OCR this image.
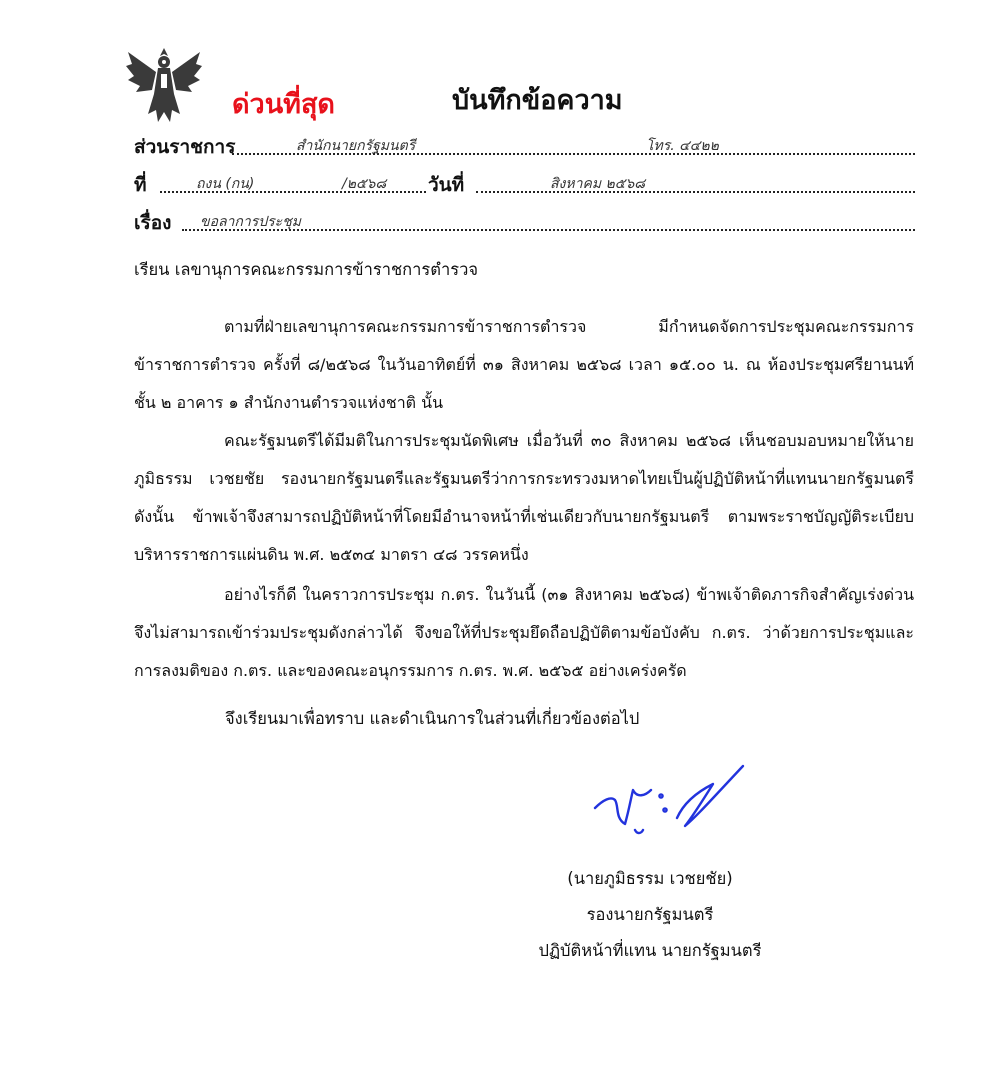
ด่วนที่สุด	บันทึกข้อความ
ส่วนราชการ	สำนักนายกรัฐมนตรี	โทร. ๔๔๒๒
ที่	ถงน (กน)	/๒๕๖๘ วันที่	สิงหาคม ๒๕๖๘
เรื่อง ขอลาการประชุม
เรียน เลขานุการคณะกรรมการข้าราชการตำรวจ
ตามที่ฝ่ายเลขานุการคณะกรรมการข้าราชการตำรวจ มีกำหนดจัดการประชุมคณะกรรมการข้าราชการตำรวจ ครั้งที่ ๘/๒๕๖๘ ในวันอาทิตย์ที่ ๓๑ สิงหาคม ๒๕๖๘ เวลา ๑๕.๐๐ น. ณ ห้องประชุมศรียานนท์ ชั้น ๒ อาคาร ๑ สำนักงานตำรวจแห่งชาติ นั้น
คณะรัฐมนตรีได้มีมติในการประชุมนัดพิเศษ เมื่อวันที่ ๓๐ สิงหาคม ๒๕๖๘ เห็นชอบมอบหมายให้นายภูมิธรรม เวชยชัย รองนายกรัฐมนตรีและรัฐมนตรีว่าการกระทรวงมหาดไทยเป็นผู้ปฏิบัติหน้าที่แทนนายกรัฐมนตรี ดังนั้น ข้าพเจ้าจึงสามารถปฏิบัติหน้าที่โดยมีอำนาจหน้าที่เช่นเดียวกับนายกรัฐมนตรี ตามพระราชบัญญัติระเบียบบริหารราชการแผ่นดิน พ.ศ. ๒๕๓๔ มาตรา ๔๘ วรรคหนึ่ง
อย่างไรก็ดี ในคราวการประชุม ก.ตร. ในวันนี้ (๓๑ สิงหาคม ๒๕๖๘) ข้าพเจ้าติดภารกิจสำคัญเร่งด่วน จึงไม่สามารถเข้าร่วมประชุมดังกล่าวได้ จึงขอให้ที่ประชุมยึดถือปฏิบัติตามข้อบังคับ ก.ตร. ว่าด้วยการประชุมและการลงมติของ ก.ตร. และของคณะอนุกรรมการ ก.ตร. พ.ศ. ๒๕๖๕ อย่างเคร่งครัด
จึงเรียนมาเพื่อทราบ และดำเนินการในส่วนที่เกี่ยวข้องต่อไป
(นายภูมิธรรม เวชยชัย)
รองนายกรัฐมนตรี
ปฏิบัติหน้าที่แทน นายกรัฐมนตรี
